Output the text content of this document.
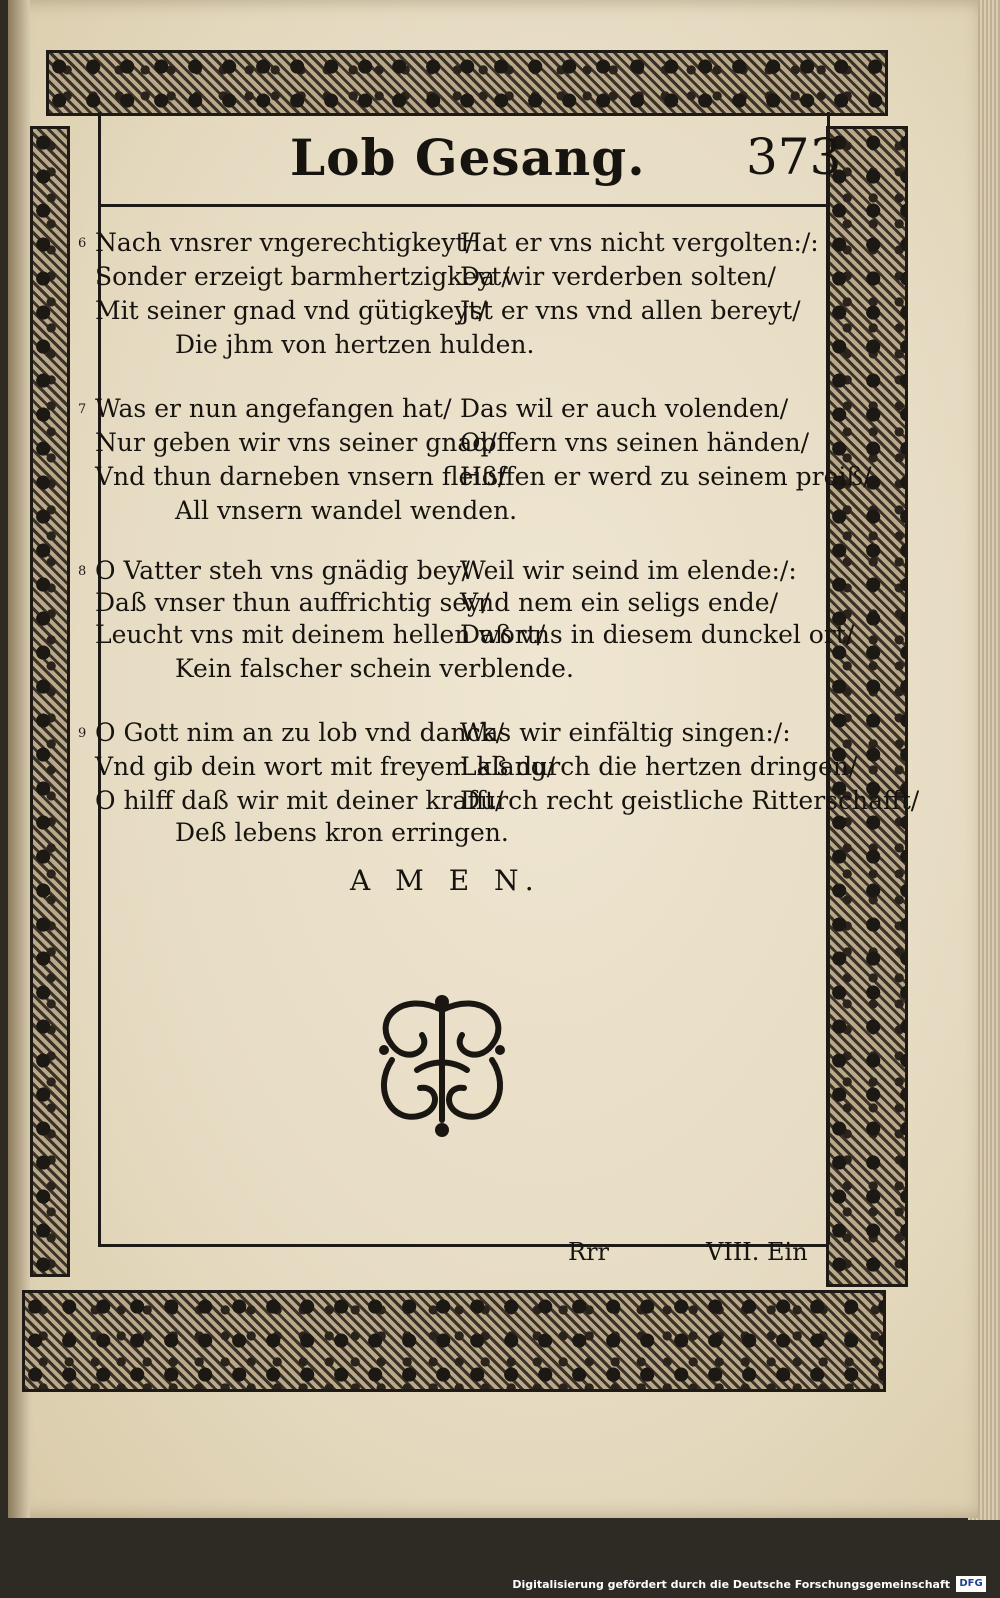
Lob Gesang. 373
6 Nach vnsrer vngerechtigkeyt/
Hat er vns nicht vergolten:/:
Sonder erzeigt barmhertzigkeyt/
Da wir verderben solten/
Mit seiner gnad vnd gütigkeyt/
Jst er vns vnd allen bereyt/
Die jhm von hertzen hulden.
7 Was er nun angefangen hat/ Das wil er auch volenden/
Nur geben wir vns seiner gnad/
Opffern vns seinen händen/
Vnd thun darneben vnsern fleiß/
Hoffen er werd zu seinem preiß/
All vnsern wandel wenden.
8 O Vatter steh vns gnädig bey/
Weil wir seind im elende:/:
Daß vnser thun auffrichtig sey/
Vnd nem ein seligs ende/
Leucht vns mit deinem hellen wort/
Daß vns in diesem dunckel ort/
Kein falscher schein verblende.
9 O Gott nim an zu lob vnd danck/
Was wir einfältig singen:/:
Vnd gib dein wort mit freyem klang/
Laß durch die hertzen dringen/
O hilff daß wir mit deiner krafft/
Durch recht geistliche Ritterschafft/
Deß lebens kron erringen.
A M E N.
Rrr	VIII. Ein
Digitalisierung gefördert durch die Deutsche Forschungsgemeinschaft DFG
